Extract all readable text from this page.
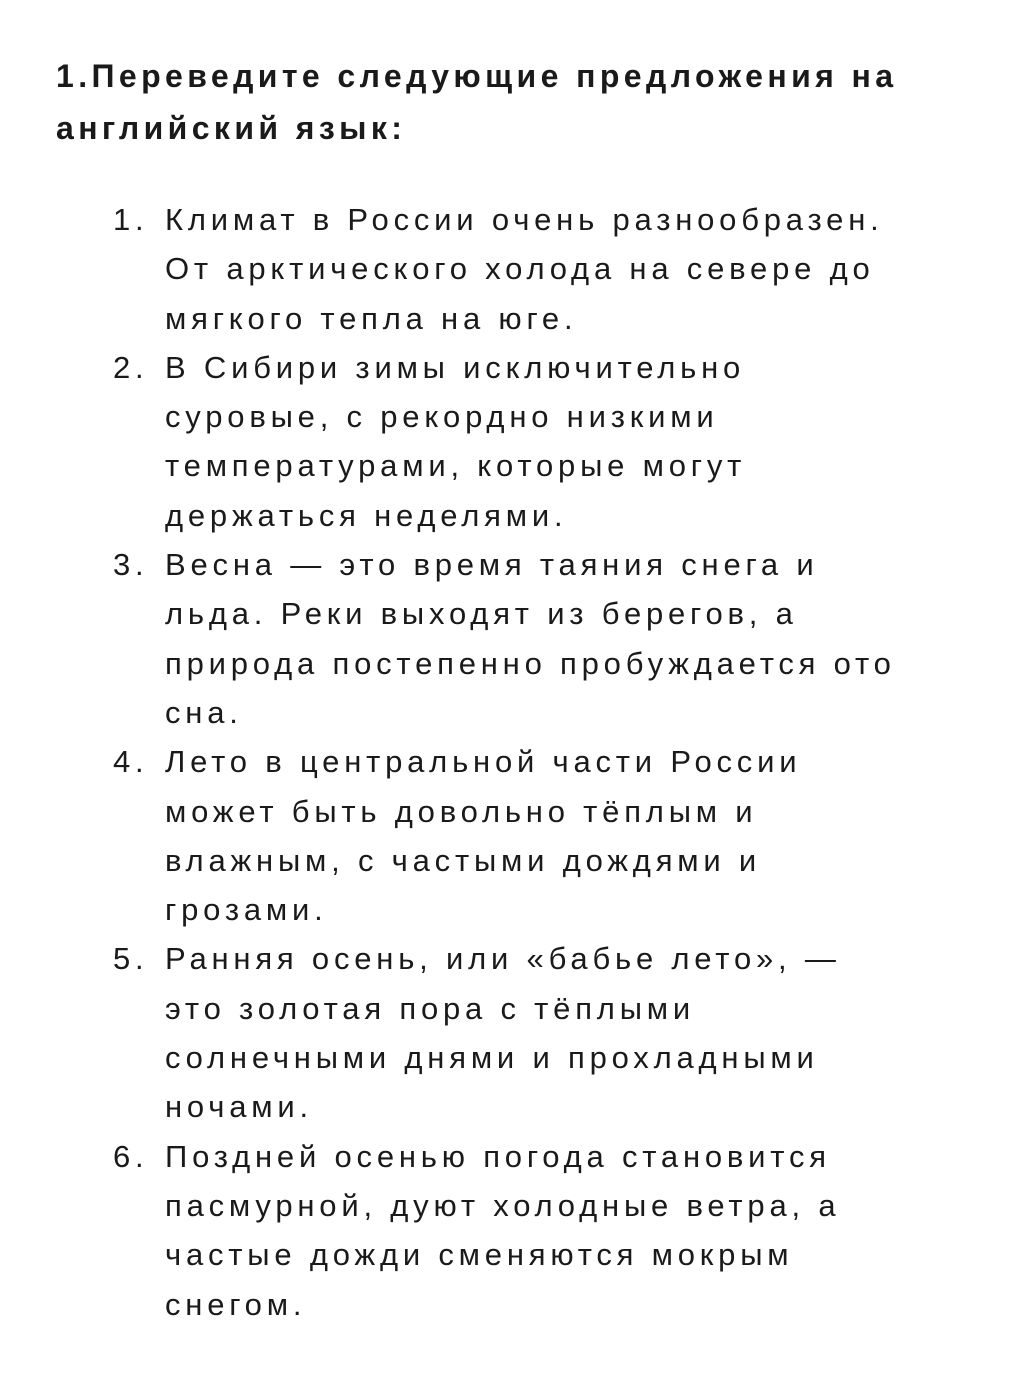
1.Переведите следующие предложения на английский язык:
1. Климат в России очень разнообразен. От арктического холода на севере до мягкого тепла на юге.
2. В Сибири зимы исключительно суровые, с рекордно низкими температурами, которые могут держаться неделями.
3. Весна — это время таяния снега и льда. Реки выходят из берегов, а природа постепенно пробуждается ото сна.
4. Лето в центральной части России может быть довольно тёплым и влажным, с частыми дождями и грозами.
5. Ранняя осень, или «бабье лето», — это золотая пора с тёплыми солнечными днями и прохладными ночами.
6. Поздней осенью погода становится пасмурной, дуют холодные ветра, а частые дожди сменяются мокрым снегом.
